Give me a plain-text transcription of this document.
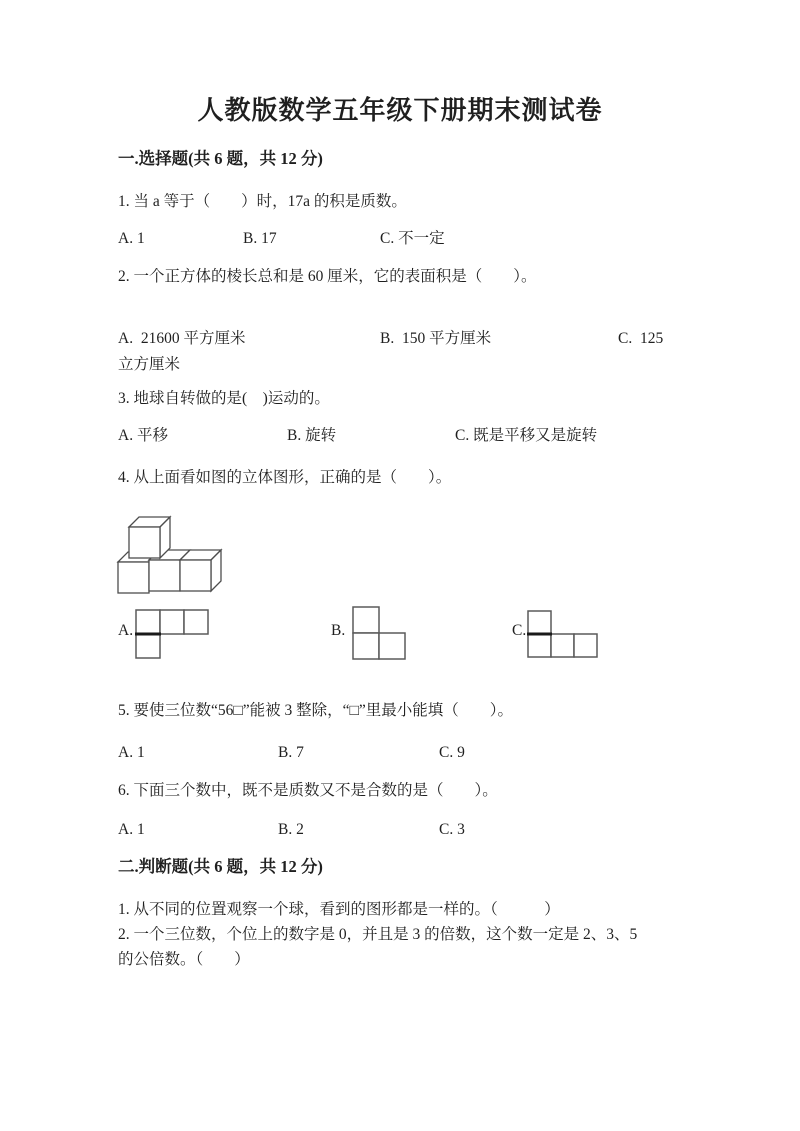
人教版数学五年级下册期末测试卷
一.选择题(共 6 题，共 12 分)
1. 当 a 等于（　　）时，17a 的积是质数。
A. 1	B. 17	C. 不一定
2. 一个正方体的棱长总和是 60 厘米，它的表面积是（　　）。
A.  21600 平方厘米	B.  150 平方厘米	C.  125
立方厘米
3. 地球自转做的是(　)运动的。
A. 平移	B. 旋转	C. 既是平移又是旋转
4. 从上面看如图的立体图形，正确的是（　　）。
A.	B.	C.
5. 要使三位数“56□”能被 3 整除，“□”里最小能填（　　）。
A. 1	B. 7	C. 9
6. 下面三个数中，既不是质数又不是合数的是（　　）。
A. 1	B. 2	C. 3
二.判断题(共 6 题，共 12 分)
1. 从不同的位置观察一个球，看到的图形都是一样的。（　　　）
2. 一个三位数，个位上的数字是 0，并且是 3 的倍数，这个数一定是 2、3、5
的公倍数。（　　）
